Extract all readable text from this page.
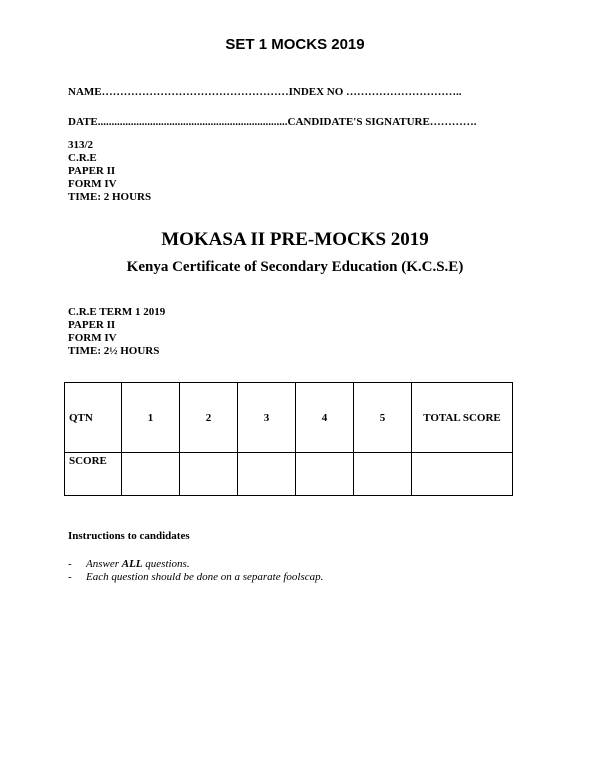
SET 1 MOCKS 2019
NAME……………………………………………INDEX NO …………………………..
DATE.....................................................................CANDIDATE'S SIGNATURE………….
313/2
C.R.E
PAPER II
FORM IV
TIME: 2 HOURS
MOKASA II PRE-MOCKS 2019
Kenya Certificate of Secondary Education (K.C.S.E)
C.R.E TERM 1 2019
PAPER II
FORM IV
TIME: 2½ HOURS
QTN	1	2	3	4	5	TOTAL SCORE
SCORE						
Instructions to candidates
- Answer ALL questions.
- Each question should be done on a separate foolscap.
